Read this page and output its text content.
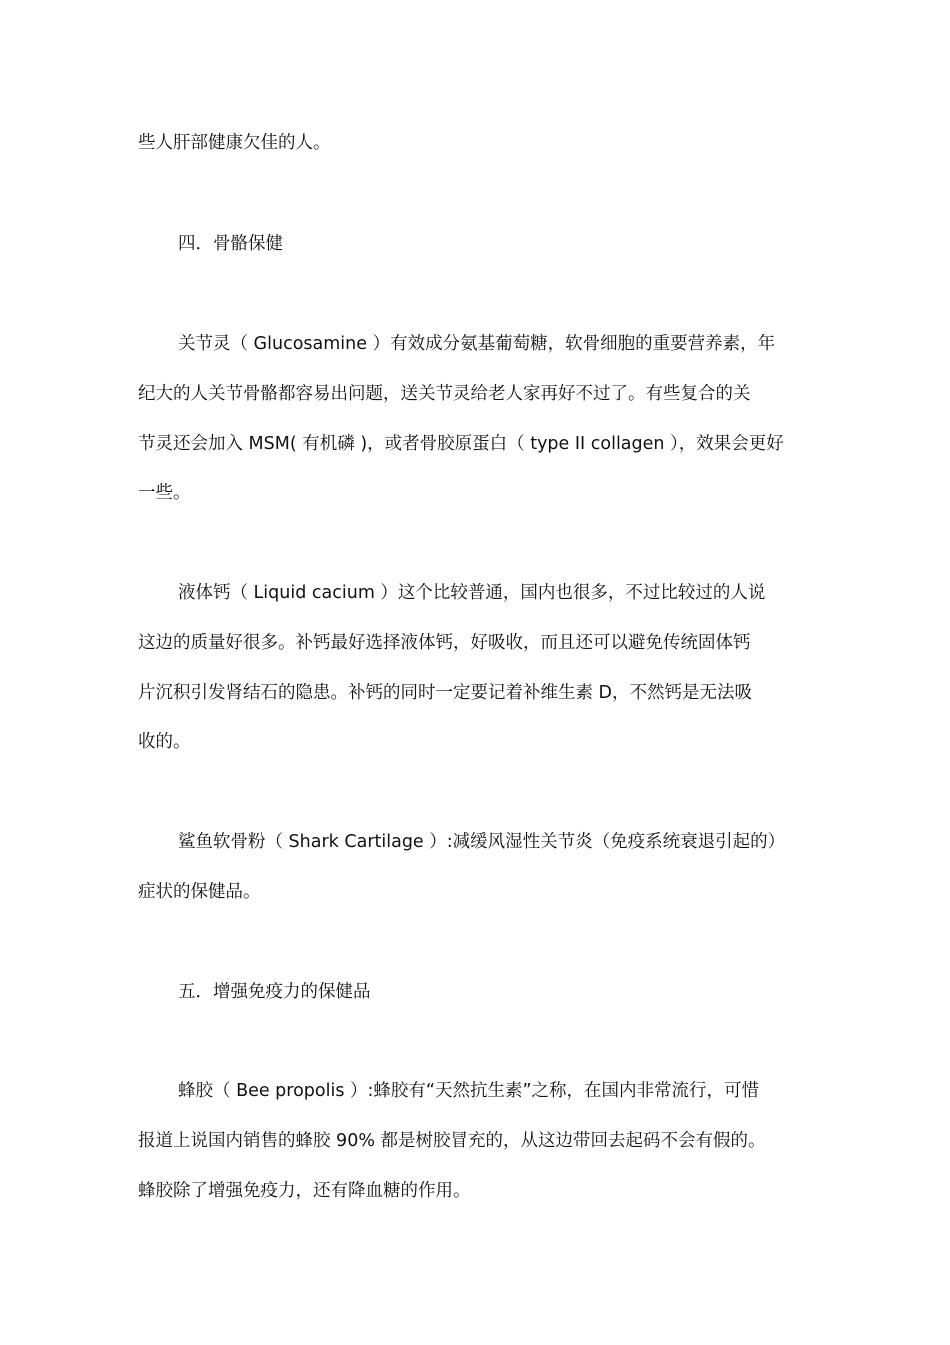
些人肝部健康欠佳的人。
四．骨骼保健
关节灵（ Glucosamine ）有效成分氨基葡萄糖，软骨细胞的重要营养素，年
纪大的人关节骨骼都容易出问题，送关节灵给老人家再好不过了。有些复合的关
节灵还会加入 MSM( 有机磷 )，或者骨胶原蛋白（ type II collagen ），效果会更好
一些。
液体钙（ Liquid cacium ）这个比较普通，国内也很多，不过比较过的人说
这边的质量好很多。补钙最好选择液体钙，好吸收，而且还可以避免传统固体钙
片沉积引发肾结石的隐患。补钙的同时一定要记着补维生素 D，不然钙是无法吸
收的。
鲨鱼软骨粉（ Shark Cartilage ）:减缓风湿性关节炎（免疫系统衰退引起的）
症状的保健品。
五．增强免疫力的保健品
蜂胶（ Bee propolis ）:蜂胶有“天然抗生素”之称，在国内非常流行，可惜
报道上说国内销售的蜂胶 90% 都是树胶冒充的，从这边带回去起码不会有假的。
蜂胶除了增强免疫力，还有降血糖的作用。
